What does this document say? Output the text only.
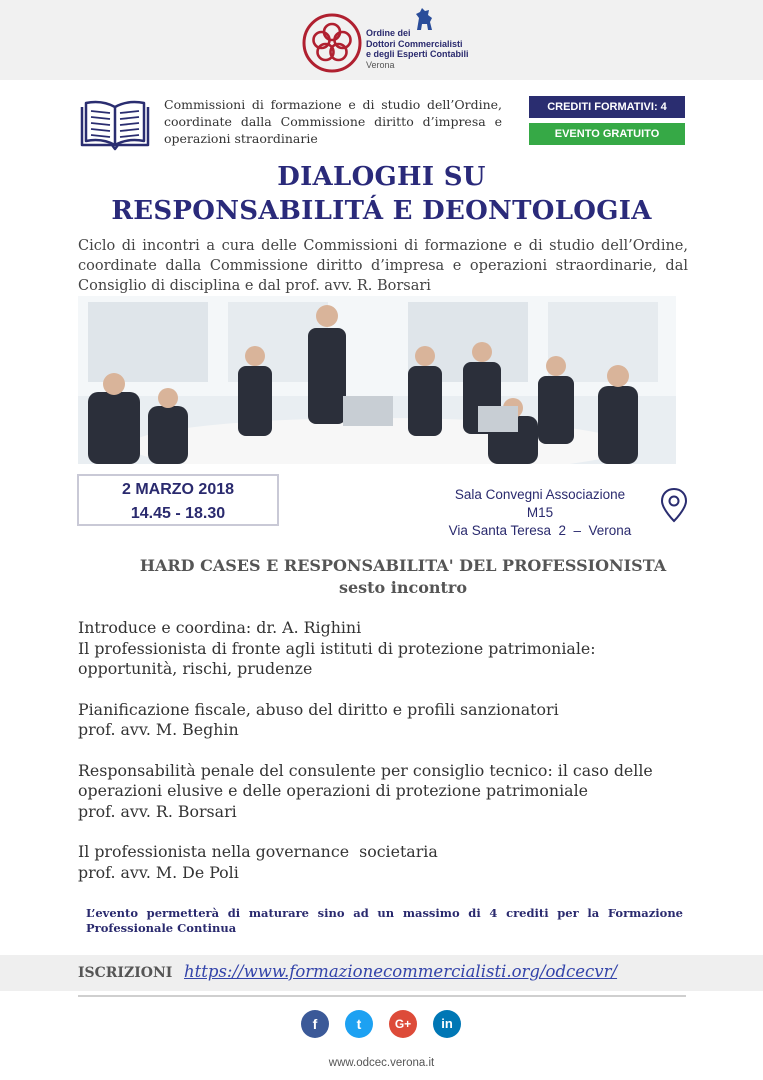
Ordine dei
Dottori Commercialisti
e degli Esperti Contabili
Verona
Commissioni di formazione e di studio dell’Ordine, coordinate dalla Commissione diritto d’impresa e operazioni straordinarie
CREDITI FORMATIVI: 4
EVENTO GRATUITO
DIALOGHI SU
RESPONSABILITÁ E DEONTOLOGIA
Ciclo di incontri a cura delle Commissioni di formazione e di studio dell’Ordine, coordinate dalla Commissione diritto d’impresa e operazioni straordinarie, dal Consiglio di disciplina e dal prof. avv. R. Borsari
2 MARZO 2018
14.45 - 18.30
Sala Convegni Associazione M15
Via Santa Teresa  2  –  Verona
HARD CASES E RESPONSABILITA' DEL PROFESSIONISTA
sesto incontro
Introduce e coordina: dr. A. Righini
Il professionista di fronte agli istituti di protezione patrimoniale:
opportunità, rischi, prudenze
Pianificazione fiscale, abuso del diritto e profili sanzionatori
prof. avv. M. Beghin
Responsabilità penale del consulente per consiglio tecnico: il caso delle
operazioni elusive e delle operazioni di protezione patrimoniale
prof. avv. R. Borsari
Il professionista nella governance  societaria
prof. avv. M. De Poli
L’evento permetterà di maturare sino ad un massimo di 4 crediti per la Formazione Professionale Continua
ISCRIZIONI https://www.formazionecommercialisti.org/odcecvr/
f	t	G+	in
www.odcec.verona.it
